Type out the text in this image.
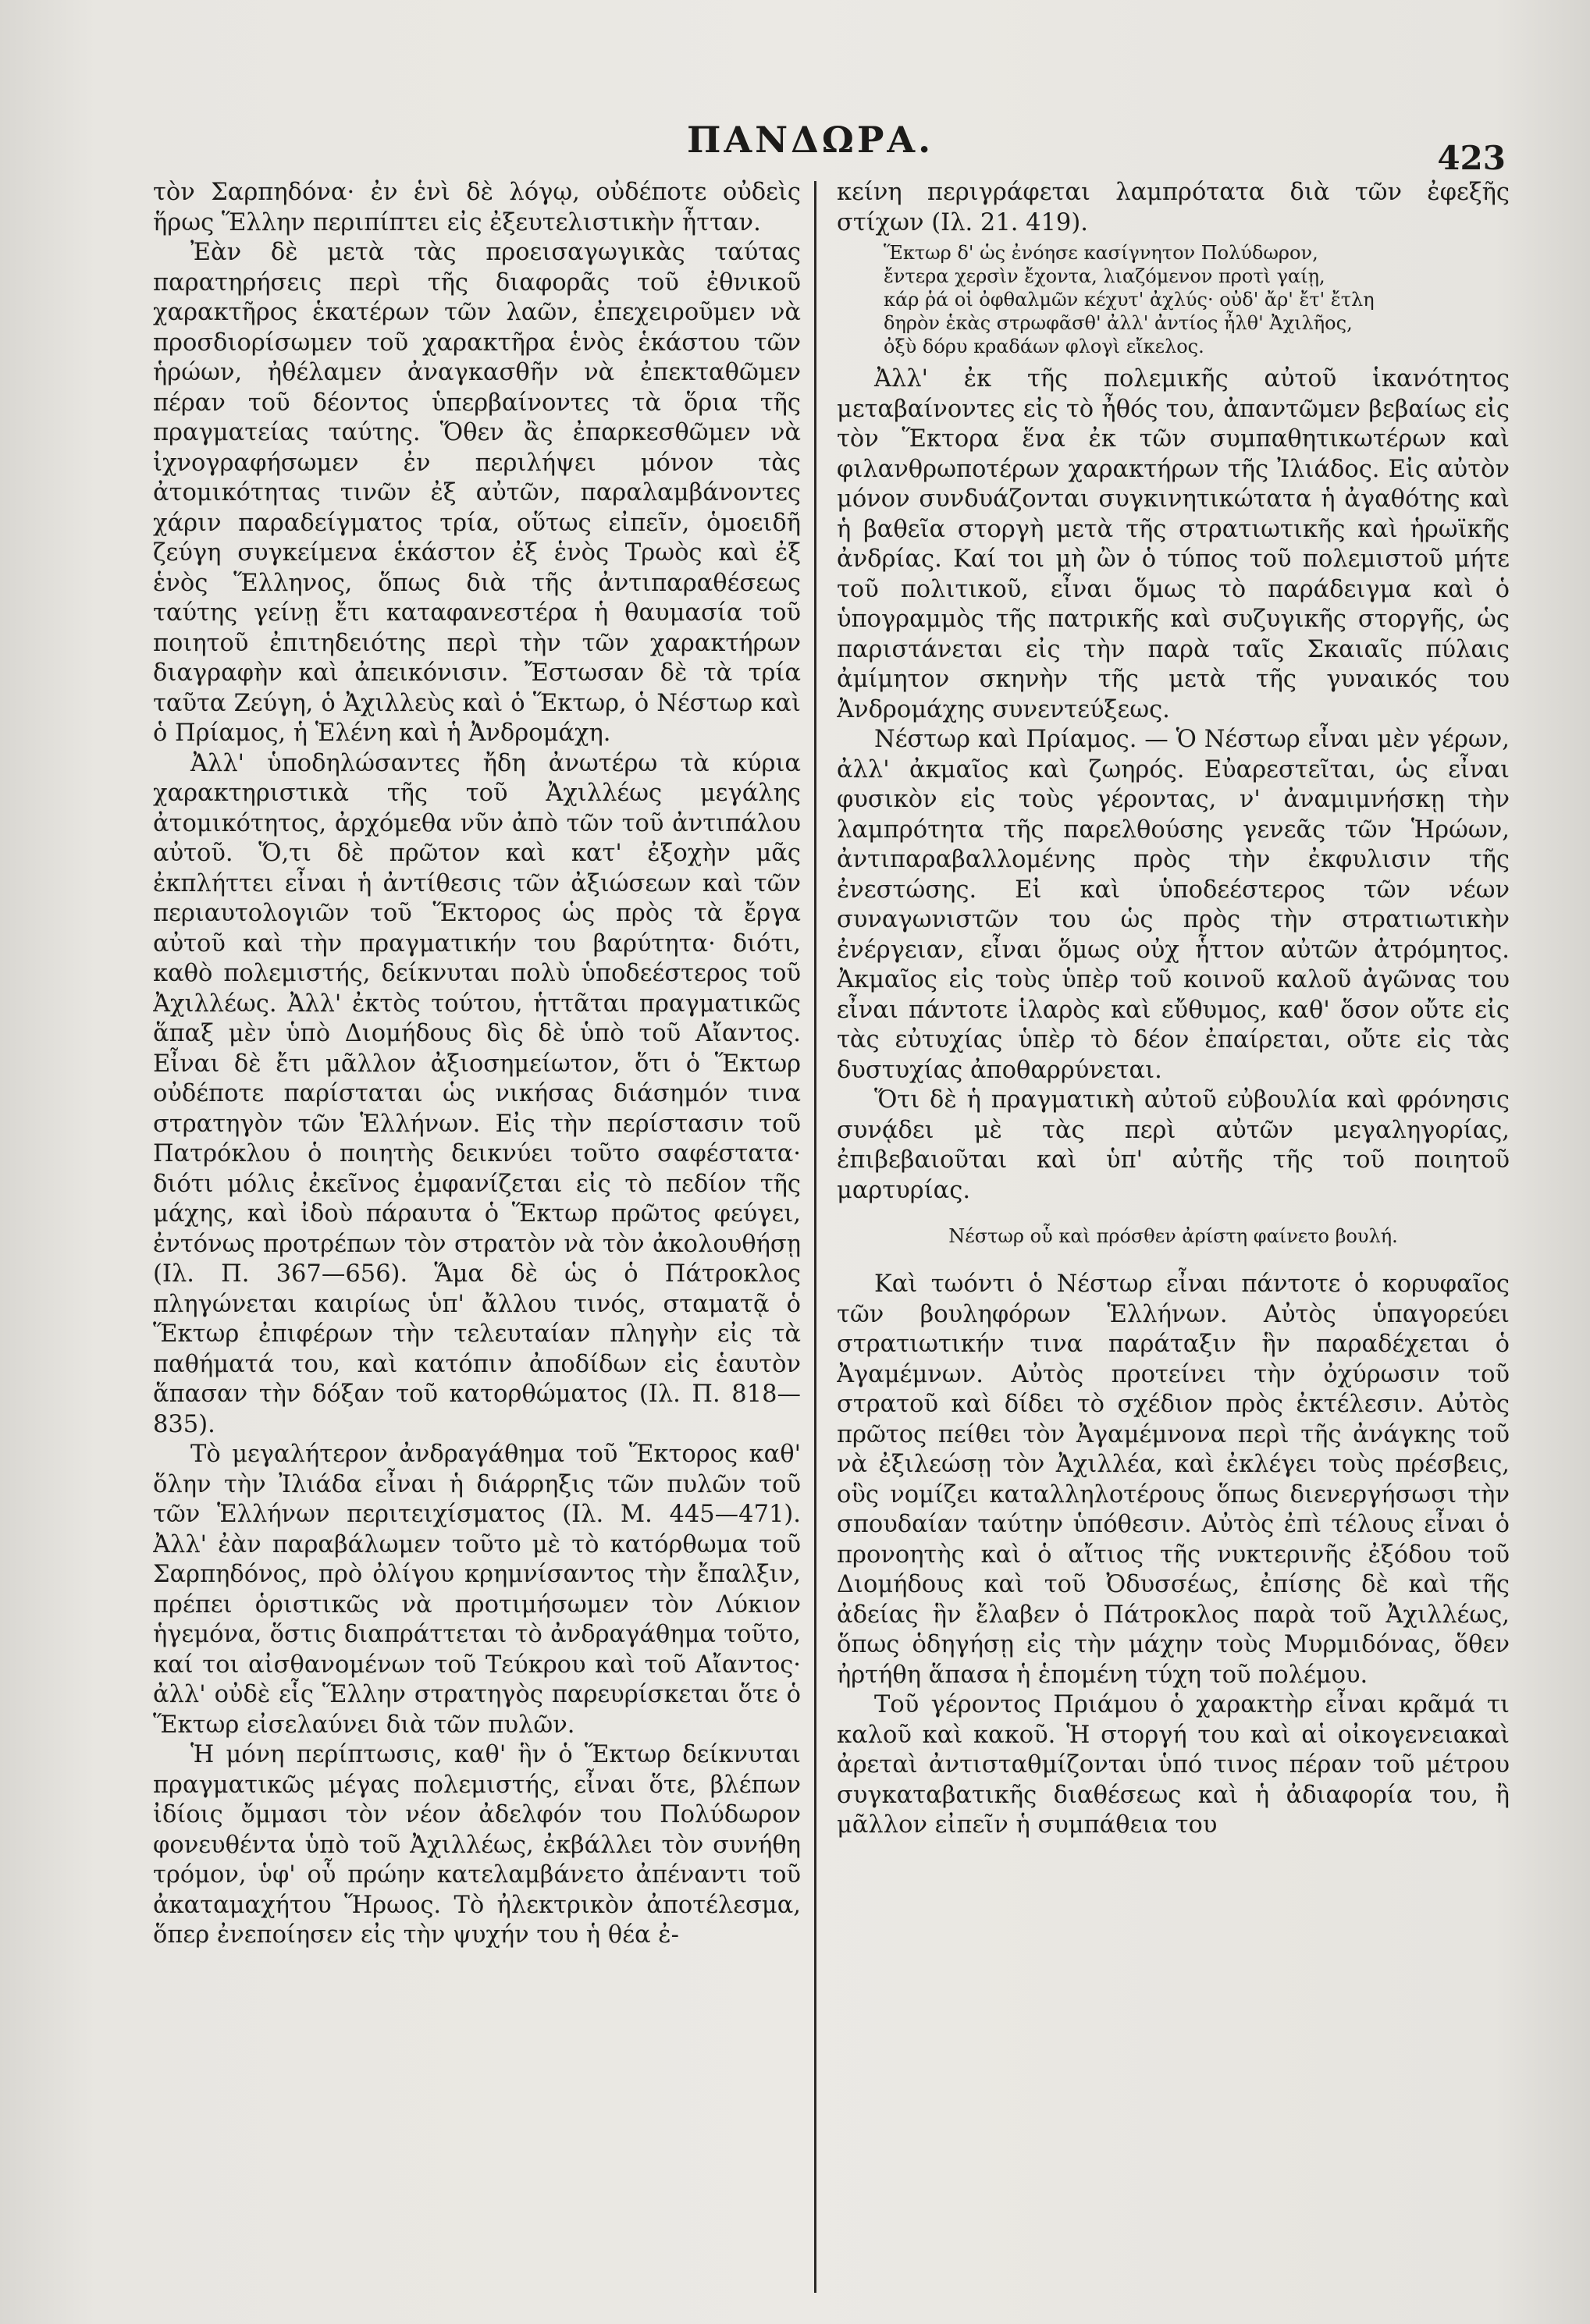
ΠΑΝΔΩΡΑ.	423

τὸν Σαρπηδόνα· ἐν ἑνὶ δὲ λόγῳ, οὐδέποτε οὐδεὶς ἥρως Ἕλλην περιπίπτει εἰς ἐξευτελιστικὴν ἧτταν.

Ἐὰν δὲ μετὰ τὰς προεισαγωγικὰς ταύτας παρατηρήσεις περὶ τῆς διαφορᾶς τοῦ ἐθνικοῦ χαρακτῆρος ἑκατέρων τῶν λαῶν, ἐπεχειροῦμεν νὰ προσδιορίσωμεν τοῦ χαρακτῆρα ἑνὸς ἑκάστου τῶν ἡρώων, ἠθέλαμεν ἀναγκασθῆν νὰ ἐπεκταθῶμεν πέραν τοῦ δέοντος ὑπερβαίνοντες τὰ ὅρια τῆς πραγματείας ταύτης. Ὅθεν ἂς ἐπαρκεσθῶμεν νὰ ἰχνογραφήσωμεν ἐν περιλήψει μόνον τὰς ἀτομικότητας τινῶν ἐξ αὐτῶν, παραλαμβάνοντες χάριν παραδείγματος τρία, οὕτως εἰπεῖν, ὁμοειδῆ ζεύγη συγκείμενα ἑκάστον ἐξ ἑνὸς Τρωὸς καὶ ἐξ ἑνὸς Ἕλληνος, ὅπως διὰ τῆς ἀντιπαραθέσεως ταύτης γείνῃ ἔτι καταφανεστέρα ἡ θαυμασία τοῦ ποιητοῦ ἐπιτηδειότης περὶ τὴν τῶν χαρακτήρων διαγραφὴν καὶ ἀπεικόνισιν. Ἔστωσαν δὲ τὰ τρία ταῦτα Ζεύγη, ὁ Ἀχιλλεὺς καὶ ὁ Ἕκτωρ, ὁ Νέστωρ καὶ ὁ Πρίαμος, ἡ Ἑλένη καὶ ἡ Ἀνδρομάχη.

Ἀλλ' ὑποδηλώσαντες ἤδη ἀνωτέρω τὰ κύρια χαρακτηριστικὰ τῆς τοῦ Ἀχιλλέως μεγάλης ἀτομικότητος, ἀρχόμεθα νῦν ἀπὸ τῶν τοῦ ἀντιπάλου αὐτοῦ. Ὅ,τι δὲ πρῶτον καὶ κατ' ἐξοχὴν μᾶς ἐκπλήττει εἶναι ἡ ἀντίθεσις τῶν ἀξιώσεων καὶ τῶν περιαυτολογιῶν τοῦ Ἕκτορος ὡς πρὸς τὰ ἔργα αὐτοῦ καὶ τὴν πραγματικήν του βαρύτητα· διότι, καθὸ πολεμιστής, δείκνυται πολὺ ὑποδεέστερος τοῦ Ἀχιλλέως. Ἀλλ' ἐκτὸς τούτου, ἡττᾶται πραγματικῶς ἅπαξ μὲν ὑπὸ Διομήδους δὶς δὲ ὑπὸ τοῦ Αἴαντος. Εἶναι δὲ ἔτι μᾶλλον ἀξιοσημείωτον, ὅτι ὁ Ἕκτωρ οὐδέποτε παρίσταται ὡς νικήσας διάσημόν τινα στρατηγὸν τῶν Ἑλλήνων. Εἰς τὴν περίστασιν τοῦ Πατρόκλου ὁ ποιητὴς δεικνύει τοῦτο σαφέστατα· διότι μόλις ἐκεῖνος ἐμφανίζεται εἰς τὸ πεδίον τῆς μάχης, καὶ ἰδοὺ πάραυτα ὁ Ἕκτωρ πρῶτος φεύγει, ἐντόνως προτρέπων τὸν στρατὸν νὰ τὸν ἀκολουθήσῃ (Ιλ. Π. 367—656). Ἅμα δὲ ὡς ὁ Πάτροκλος πληγώνεται καιρίως ὑπ' ἄλλου τινός, σταματᾷ ὁ Ἕκτωρ ἐπιφέρων τὴν τελευταίαν πληγὴν εἰς τὰ παθήματά του, καὶ κατόπιν ἀποδίδων εἰς ἑαυτὸν ἅπασαν τὴν δόξαν τοῦ κατορθώματος (Ιλ. Π. 818—835).

Τὸ μεγαλήτερον ἀνδραγάθημα τοῦ Ἕκτορος καθ' ὅλην τὴν Ἰλιάδα εἶναι ἡ διάρρηξις τῶν πυλῶν τοῦ τῶν Ἑλλήνων περιτειχίσματος (Ιλ. Μ. 445—471). Ἀλλ' ἐὰν παραβάλωμεν τοῦτο μὲ τὸ κατόρθωμα τοῦ Σαρπηδόνος, πρὸ ὀλίγου κρημνίσαντος τὴν ἔπαλξιν, πρέπει ὁριστικῶς νὰ προτιμήσωμεν τὸν Λύκιον ἡγεμόνα, ὅστις διαπράττεται τὸ ἀνδραγάθημα τοῦτο, καί τοι αἰσθανομένων τοῦ Τεύκρου καὶ τοῦ Αἴαντος· ἀλλ' οὐδὲ εἷς Ἕλλην στρατηγὸς παρευρίσκεται ὅτε ὁ Ἕκτωρ εἰσελαύνει διὰ τῶν πυλῶν.

Ἡ μόνη περίπτωσις, καθ' ἣν ὁ Ἕκτωρ δείκνυται πραγματικῶς μέγας πολεμιστής, εἶναι ὅτε, βλέπων ἰδίοις ὄμμασι τὸν νέον ἀδελφόν του Πολύδωρον φονευθέντα ὑπὸ τοῦ Ἀχιλλέως, ἐκβάλλει τὸν συνήθη τρόμον, ὑφ' οὗ πρώην κατελαμβάνετο ἀπέναντι τοῦ ἀκαταμαχήτου Ἥρωος. Τὸ ἠλεκτρικὸν ἀποτέλεσμα, ὅπερ ἐνεποίησεν εἰς τὴν ψυχήν του ἡ θέα ἐ-

κείνη περιγράφεται λαμπρότατα διὰ τῶν ἐφεξῆς στίχων (Ιλ. 21. 419).

Ἕκτωρ δ' ὡς ἐνόησε κασίγνητον Πολύδωρον,
ἔντερα χερσὶν ἔχοντα, λιαζόμενον προτὶ γαίῃ,
κάρ ῥά οἱ ὀφθαλμῶν κέχυτ' ἀχλύς· οὐδ' ἄρ' ἔτ' ἔτλη
δηρὸν ἑκὰς στρωφᾶσθ' ἀλλ' ἀντίος ἦλθ' Ἀχιλῆος,
ὀξὺ δόρυ κραδάων φλογὶ εἴκελος.

Ἀλλ' ἐκ τῆς πολεμικῆς αὐτοῦ ἱκανότητος μεταβαίνοντες εἰς τὸ ἦθός του, ἀπαντῶμεν βεβαίως εἰς τὸν Ἕκτορα ἕνα ἐκ τῶν συμπαθητικωτέρων καὶ φιλανθρωποτέρων χαρακτήρων τῆς Ἰλιάδος. Εἰς αὐτὸν μόνον συνδυάζονται συγκινητικώτατα ἡ ἀγαθότης καὶ ἡ βαθεῖα στοργὴ μετὰ τῆς στρατιωτικῆς καὶ ἡρωϊκῆς ἀνδρίας. Καί τοι μὴ ὢν ὁ τύπος τοῦ πολεμιστοῦ μήτε τοῦ πολιτικοῦ, εἶναι ὅμως τὸ παράδειγμα καὶ ὁ ὑπογραμμὸς τῆς πατρικῆς καὶ συζυγικῆς στοργῆς, ὡς παριστάνεται εἰς τὴν παρὰ ταῖς Σκαιαῖς πύλαις ἀμίμητον σκηνὴν τῆς μετὰ τῆς γυναικός του Ἀνδρομάχης συνεντεύξεως.

Νέστωρ καὶ Πρίαμος. — Ὁ Νέστωρ εἶναι μὲν γέρων, ἀλλ' ἀκμαῖος καὶ ζωηρός. Εὐαρεστεῖται, ὡς εἶναι φυσικὸν εἰς τοὺς γέροντας, ν' ἀναμιμνήσκῃ τὴν λαμπρότητα τῆς παρελθούσης γενεᾶς τῶν Ἡρώων, ἀντιπαραβαλλομένης πρὸς τὴν ἐκφυλισιν τῆς ἐνεστώσης. Εἰ καὶ ὑποδεέστερος τῶν νέων συναγωνιστῶν του ὡς πρὸς τὴν στρατιωτικὴν ἐνέργειαν, εἶναι ὅμως οὐχ ἧττον αὐτῶν ἀτρόμητος. Ἀκμαῖος εἰς τοὺς ὑπὲρ τοῦ κοινοῦ καλοῦ ἀγῶνας του εἶναι πάντοτε ἱλαρὸς καὶ εὔθυμος, καθ' ὅσον οὔτε εἰς τὰς εὐτυχίας ὑπὲρ τὸ δέον ἐπαίρεται, οὔτε εἰς τὰς δυστυχίας ἀποθαρρύνεται.

Ὅτι δὲ ἡ πραγματικὴ αὐτοῦ εὐβουλία καὶ φρόνησις συνᾴδει μὲ τὰς περὶ αὐτῶν μεγαληγορίας, ἐπιβεβαιοῦται καὶ ὑπ' αὐτῆς τῆς τοῦ ποιητοῦ μαρτυρίας.

Νέστωρ οὗ καὶ πρόσθεν ἀρίστη φαίνετο βουλή.

Καὶ τωόντι ὁ Νέστωρ εἶναι πάντοτε ὁ κορυφαῖος τῶν βουληφόρων Ἑλλήνων. Αὐτὸς ὑπαγορεύει στρατιωτικήν τινα παράταξιν ἣν παραδέχεται ὁ Ἀγαμέμνων. Αὐτὸς προτείνει τὴν ὀχύρωσιν τοῦ στρατοῦ καὶ δίδει τὸ σχέδιον πρὸς ἐκτέλεσιν. Αὐτὸς πρῶτος πείθει τὸν Ἀγαμέμνονα περὶ τῆς ἀνάγκης τοῦ νὰ ἐξιλεώσῃ τὸν Ἀχιλλέα, καὶ ἐκλέγει τοὺς πρέσβεις, οὓς νομίζει καταλληλοτέρους ὅπως διενεργήσωσι τὴν σπουδαίαν ταύτην ὑπόθεσιν. Αὐτὸς ἐπὶ τέλους εἶναι ὁ προνοητὴς καὶ ὁ αἴτιος τῆς νυκτερινῆς ἐξόδου τοῦ Διομήδους καὶ τοῦ Ὀδυσσέως, ἐπίσης δὲ καὶ τῆς ἀδείας ἣν ἔλαβεν ὁ Πάτροκλος παρὰ τοῦ Ἀχιλλέως, ὅπως ὁδηγήσῃ εἰς τὴν μάχην τοὺς Μυρμιδόνας, ὅθεν ἠρτήθη ἅπασα ἡ ἑπομένη τύχη τοῦ πολέμου.

Τοῦ γέροντος Πριάμου ὁ χαρακτὴρ εἶναι κρᾶμά τι καλοῦ καὶ κακοῦ. Ἡ στοργή του καὶ αἱ οἰκογενειακαὶ ἀρεταὶ ἀντισταθμίζονται ὑπό τινος πέραν τοῦ μέτρου συγκαταβατικῆς διαθέσεως καὶ ἡ ἀδιαφορία του, ἢ μᾶλλον εἰπεῖν ἡ συμπάθεια του
